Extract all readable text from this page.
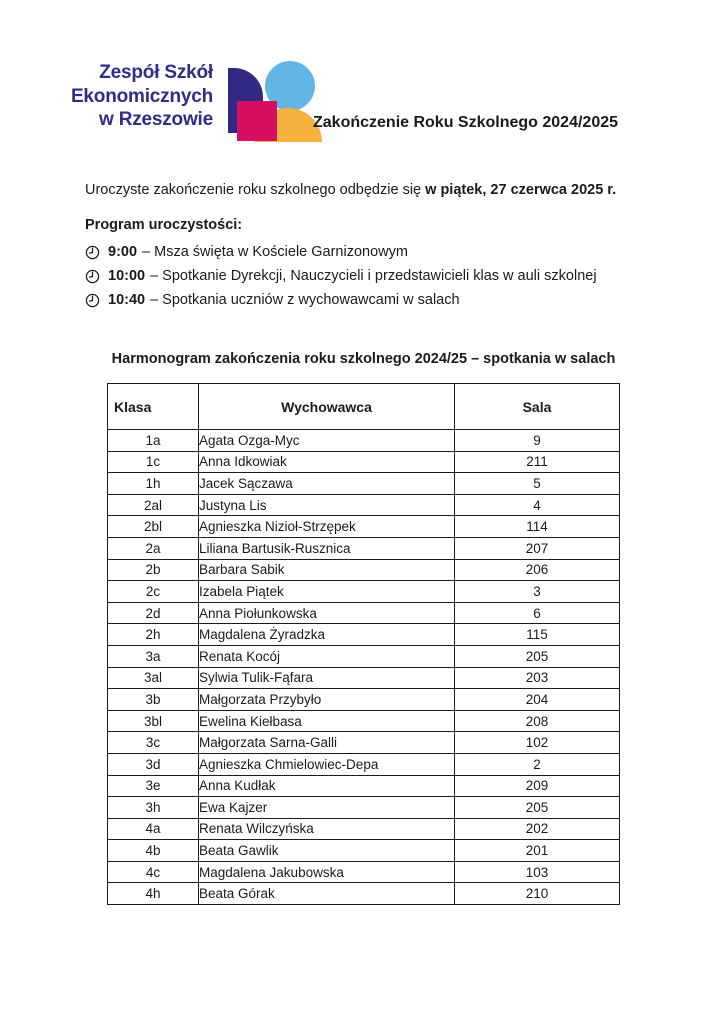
Zespół Szkół
Ekonomicznych
w Rzeszowie	Zakończenie Roku Szkolnego 2024/2025

Uroczyste zakończenie roku szkolnego odbędzie się w piątek, 27 czerwca 2025 r.

Program uroczystości:

9:00 – Msza święta w Kościele Garnizonowym
10:00 – Spotkanie Dyrekcji, Nauczycieli i przedstawicieli klas w auli szkolnej
10:40 – Spotkania uczniów z wychowawcami w salach
Harmonogram zakończenia roku szkolnego 2024/25 – spotkania w salach
Klasa	Wychowawca	Sala
1a	Agata Ozga-Myc	9
1c	Anna Idkowiak	211
1h	Jacek Sączawa	5
2al	Justyna Lis	4
2bl	Agnieszka Nizioł-Strzępek	114
2a	Liliana Bartusik-Rusznica	207
2b	Barbara Sabik	206
2c	Izabela Piątek	3
2d	Anna Piołunkowska	6
2h	Magdalena Żyradzka	115
3a	Renata Kocój	205
3al	Sylwia Tulik-Fąfara	203
3b	Małgorzata Przybyło	204
3bl	Ewelina Kiełbasa	208
3c	Małgorzata Sarna-Galli	102
3d	Agnieszka Chmielowiec-Depa	2
3e	Anna Kudłak	209
3h	Ewa Kajzer	205
4a	Renata Wilczyńska	202
4b	Beata Gawlik	201
4c	Magdalena Jakubowska	103
4h	Beata Górak	210
